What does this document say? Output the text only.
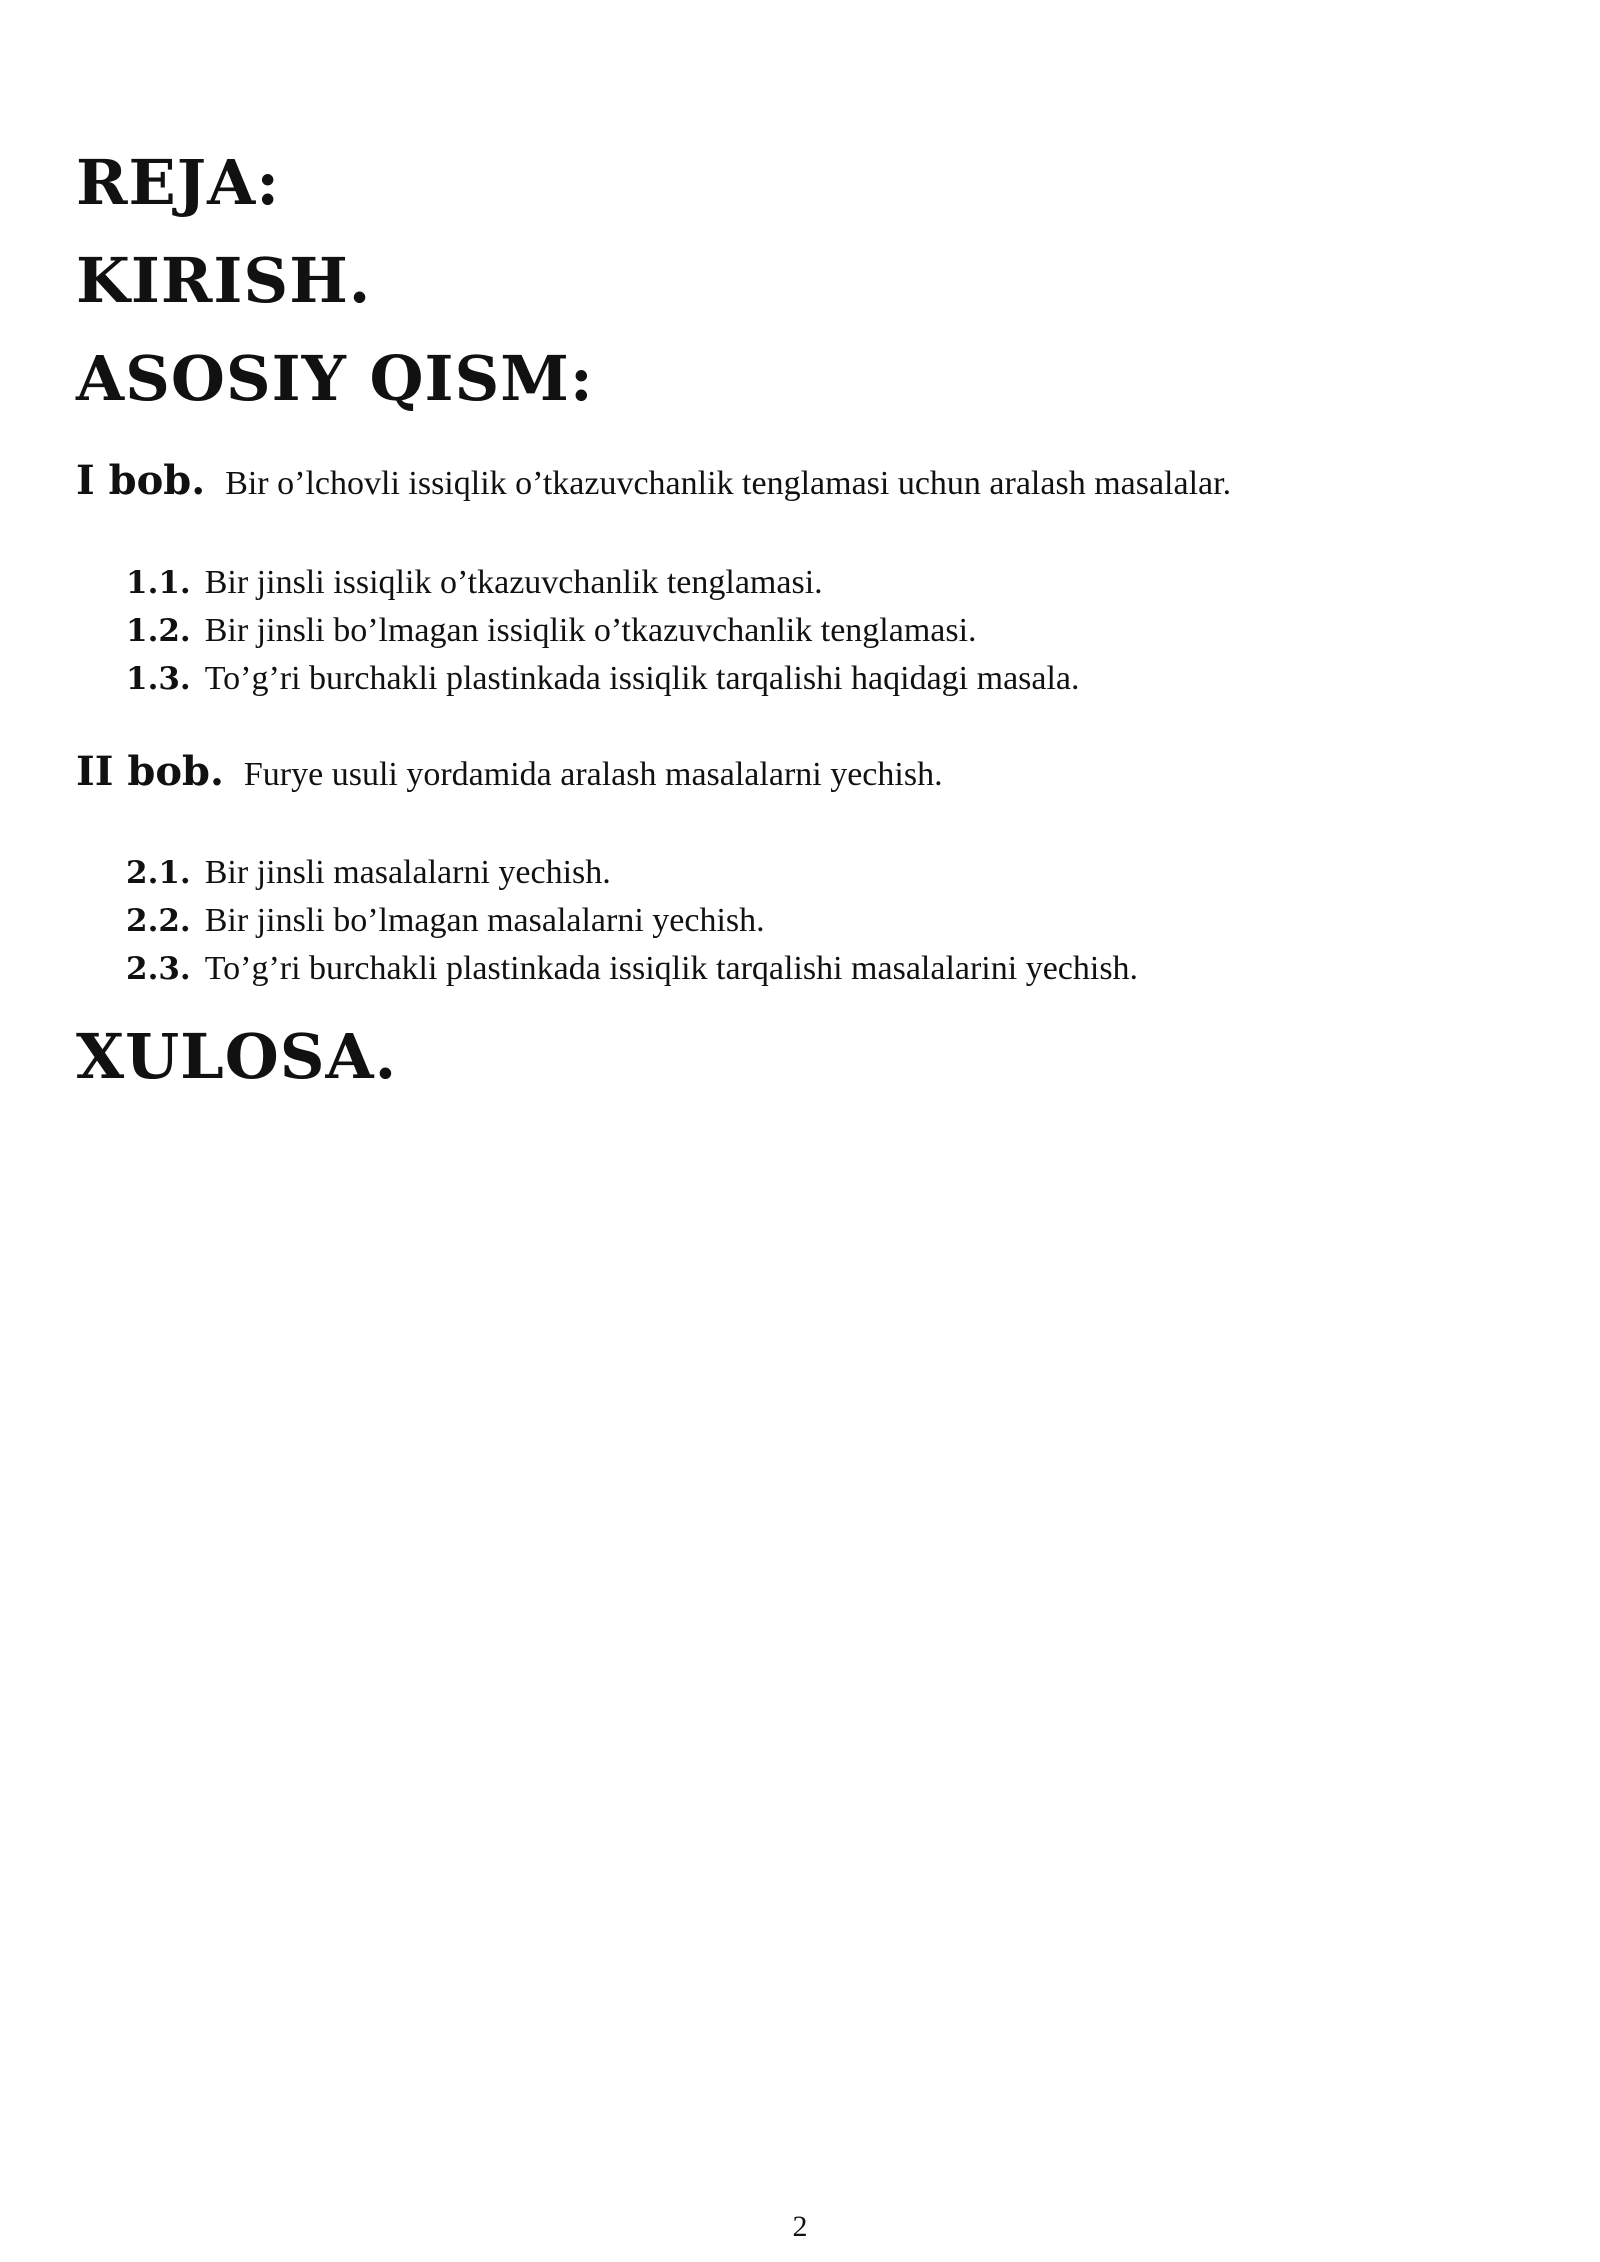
REJA:
KIRISH.
ASOSIY QISM:
I bob. Bir o’lchovli issiqlik o’tkazuvchanlik tenglamasi uchun aralash masalalar.
1.1. Bir jinsli issiqlik o’tkazuvchanlik tenglamasi.
1.2. Bir jinsli bo’lmagan issiqlik o’tkazuvchanlik tenglamasi.
1.3. To’g’ri burchakli plastinkada issiqlik tarqalishi haqidagi masala.
II bob. Furye usuli yordamida aralash masalalarni yechish.
2.1. Bir jinsli masalalarni yechish.
2.2. Bir jinsli bo’lmagan masalalarni yechish.
2.3. To’g’ri burchakli plastinkada issiqlik tarqalishi masalalarini yechish.
XULOSA.
2
